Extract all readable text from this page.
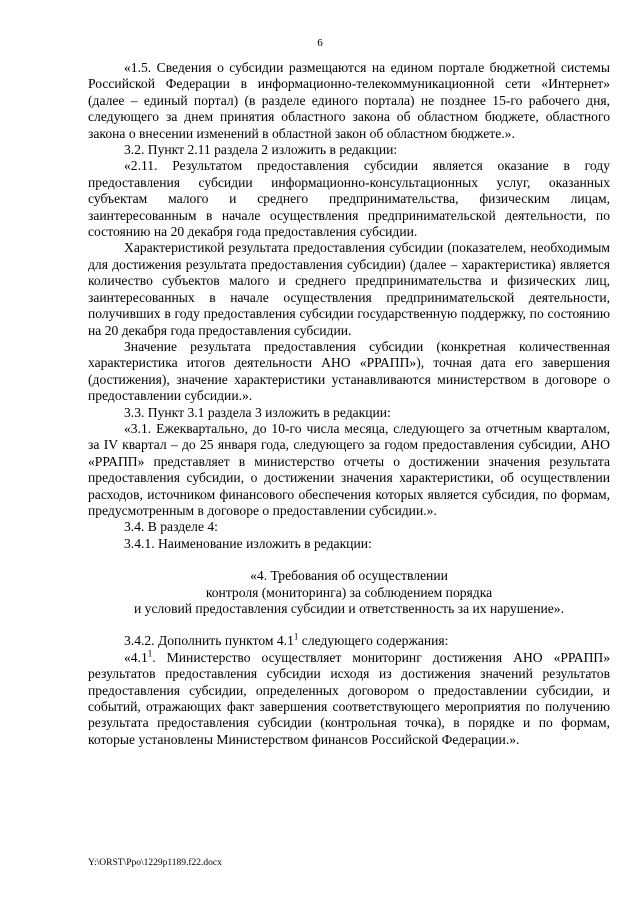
6

«1.5. Сведения о субсидии размещаются на едином портале бюджетной системы Российской Федерации в информационно-телекоммуникационной сети «Интернет» (далее – единый портал) (в разделе единого портала) не позднее 15-го рабочего дня, следующего за днем принятия областного закона об областном бюджете, областного закона о внесении изменений в областной закон об областном бюджете.».

3.2. Пункт 2.11 раздела 2 изложить в редакции:

«2.11. Результатом предоставления субсидии является оказание в году предоставления субсидии информационно-консультационных услуг, оказанных субъектам малого и среднего предпринимательства, физическим лицам, заинтересованным в начале осуществления предпринимательской деятельности, по состоянию на 20 декабря года предоставления субсидии.

Характеристикой результата предоставления субсидии (показателем, необходимым для достижения результата предоставления субсидии) (далее – характеристика) является количество субъектов малого и среднего предпринимательства и физических лиц, заинтересованных в начале осуществления предпринимательской деятельности, получивших в году предоставления субсидии государственную поддержку, по состоянию на 20 декабря года предоставления субсидии.

Значение результата предоставления субсидии (конкретная количественная характеристика итогов деятельности АНО «РРАПП»), точная дата его завершения (достижения), значение характеристики устанавливаются министерством в договоре о предоставлении субсидии.».

3.3. Пункт 3.1 раздела 3 изложить в редакции:

«3.1. Ежеквартально, до 10-го числа месяца, следующего за отчетным кварталом, за IV квартал – до 25 января года, следующего за годом предоставления субсидии, АНО «РРАПП» представляет в министерство отчеты о достижении значения результата предоставления субсидии, о достижении значения характеристики, об осуществлении расходов, источником финансового обеспечения которых является субсидия, по формам, предусмотренным в договоре о предоставлении субсидии.».

3.4. В разделе 4:

3.4.1. Наименование изложить в редакции:

«4. Требования об осуществлении
контроля (мониторинга) за соблюдением порядка
и условий предоставления субсидии и ответственность за их нарушение».

3.4.2. Дополнить пунктом $4.1^1$ следующего содержания:

«$4.1^1$. Министерство осуществляет мониторинг достижения АНО «РРАПП» результатов предоставления субсидии исходя из достижения значений результатов предоставления субсидии, определенных договором о предоставлении субсидии, и событий, отражающих факт завершения соответствующего мероприятия по получению результата предоставления субсидии (контрольная точка), в порядке и по формам, которые установлены Министерством финансов Российской Федерации.».

Y:\ORST\Ppo\1229p1189.f22.docx
